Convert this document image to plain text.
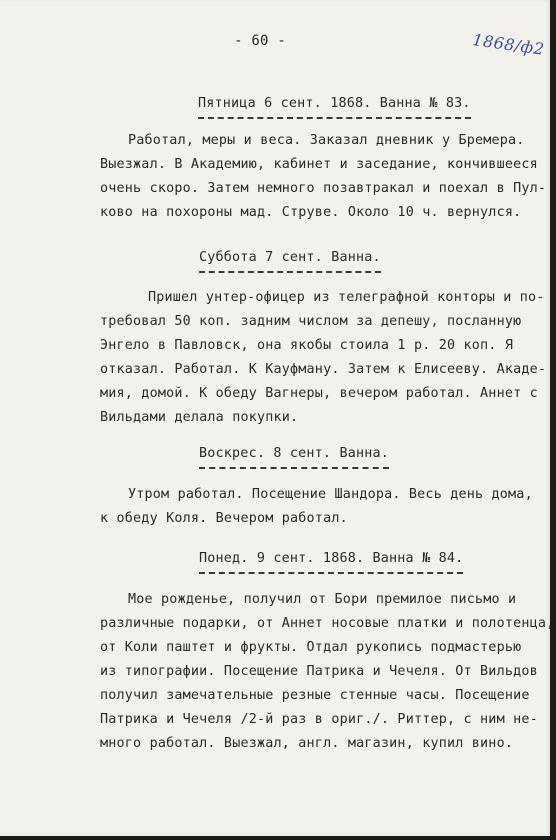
- 60 -	1868/ф2
Пятница 6 сент. 1868. Ванна № 83.
Работал, меры и веса. Заказал дневник у Бремера.
Выезжал. В Академию, кабинет и заседание, кончившееся
очень скоро. Затем немного позавтракал и поехал в Пул-
ково на похороны мад. Струве. Около 10 ч. вернулся.
Суббота 7 сент. Ванна.
Пришел унтер-офицер из телеграфной конторы и по-
требовал 50 коп. задним числом за депешу, посланную
Энгело в Павловск, она якобы стоила 1 р. 20 коп. Я
отказал. Работал. К Кауфману. Затем к Елисееву. Акаде-
мия, домой. К обеду Вагнеры, вечером работал. Аннет с
Вильдами делала покупки.
Воскрес. 8 сент. Ванна.
Утром работал. Посещение Шандора. Весь день дома,
к обеду Коля. Вечером работал.
Понед. 9 сент. 1868. Ванна № 84.
Мое рожденье, получил от Бори премилое письмо и
различные подарки, от Аннет носовые платки и полотенца,
от Коли паштет и фрукты. Отдал рукопись подмастерью
из типографии. Посещение Патрика и Чечеля. От Вильдов
получил замечательные резные стенные часы. Посещение
Патрика и Чечеля /2-й раз в ориг./. Риттер, с ним не-
много работал. Выезжал, англ. магазин, купил вино.
